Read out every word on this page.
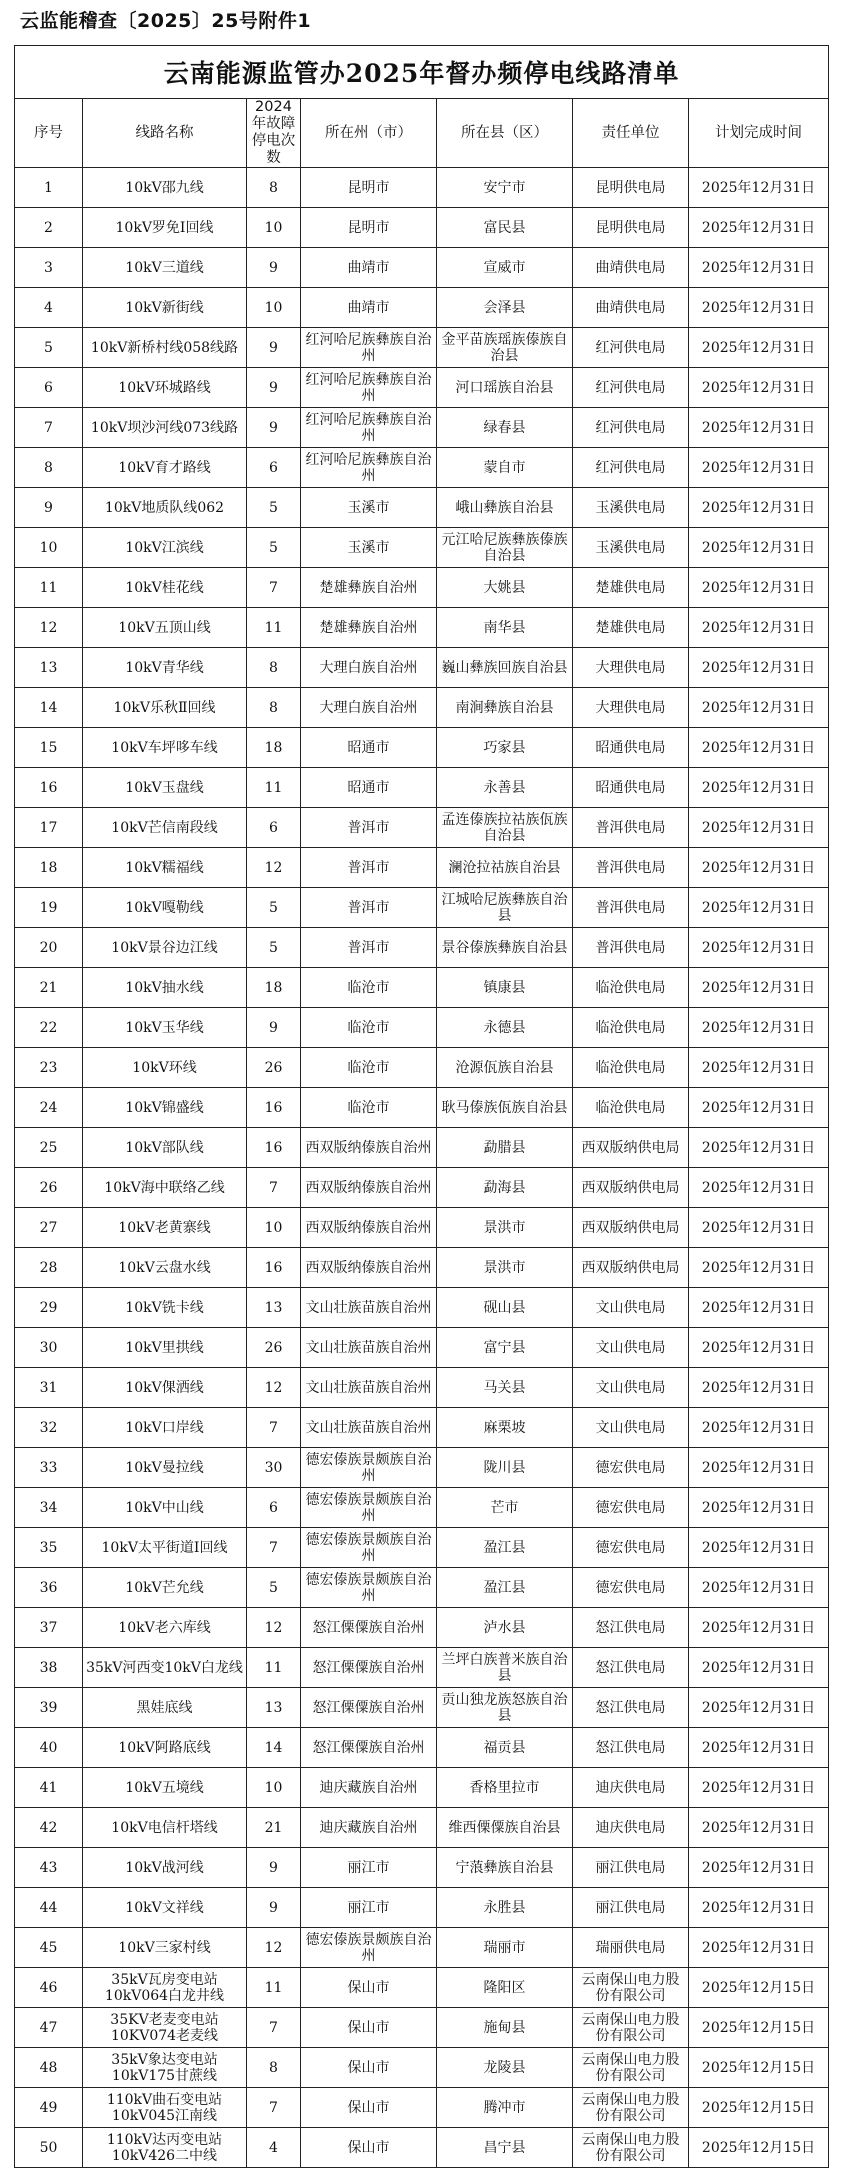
云监能稽查〔2025〕25号附件1
云南能源监管办2025年督办频停电线路清单						
序号	线路名称	2024年故障停电次数	所在州（市）	所在县（区）	责任单位	计划完成时间
1	10kV邵九线	8	昆明市	安宁市	昆明供电局	2025年12月31日
2	10kV罗免Ⅰ回线	10	昆明市	富民县	昆明供电局	2025年12月31日
3	10kV三道线	9	曲靖市	宣威市	曲靖供电局	2025年12月31日
4	10kV新街线	10	曲靖市	会泽县	曲靖供电局	2025年12月31日
5	10kV新桥村线058线路	9	红河哈尼族彝族自治州	金平苗族瑶族傣族自治县	红河供电局	2025年12月31日
6	10kV环城路线	9	红河哈尼族彝族自治州	河口瑶族自治县	红河供电局	2025年12月31日
7	10kV坝沙河线073线路	9	红河哈尼族彝族自治州	绿春县	红河供电局	2025年12月31日
8	10kV育才路线	6	红河哈尼族彝族自治州	蒙自市	红河供电局	2025年12月31日
9	10kV地质队线062	5	玉溪市	峨山彝族自治县	玉溪供电局	2025年12月31日
10	10kV江滨线	5	玉溪市	元江哈尼族彝族傣族自治县	玉溪供电局	2025年12月31日
11	10kV桂花线	7	楚雄彝族自治州	大姚县	楚雄供电局	2025年12月31日
12	10kV五顶山线	11	楚雄彝族自治州	南华县	楚雄供电局	2025年12月31日
13	10kV青华线	8	大理白族自治州	巍山彝族回族自治县	大理供电局	2025年12月31日
14	10kV乐秋Ⅱ回线	8	大理白族自治州	南涧彝族自治县	大理供电局	2025年12月31日
15	10kV车坪哆车线	18	昭通市	巧家县	昭通供电局	2025年12月31日
16	10kV玉盘线	11	昭通市	永善县	昭通供电局	2025年12月31日
17	10kV芒信南段线	6	普洱市	孟连傣族拉祜族佤族自治县	普洱供电局	2025年12月31日
18	10kV糯福线	12	普洱市	澜沧拉祜族自治县	普洱供电局	2025年12月31日
19	10kV嘎勒线	5	普洱市	江城哈尼族彝族自治县	普洱供电局	2025年12月31日
20	10kV景谷边江线	5	普洱市	景谷傣族彝族自治县	普洱供电局	2025年12月31日
21	10kV抽水线	18	临沧市	镇康县	临沧供电局	2025年12月31日
22	10kV玉华线	9	临沧市	永德县	临沧供电局	2025年12月31日
23	10kV环线	26	临沧市	沧源佤族自治县	临沧供电局	2025年12月31日
24	10kV锦盛线	16	临沧市	耿马傣族佤族自治县	临沧供电局	2025年12月31日
25	10kV部队线	16	西双版纳傣族自治州	勐腊县	西双版纳供电局	2025年12月31日
26	10kV海中联络乙线	7	西双版纳傣族自治州	勐海县	西双版纳供电局	2025年12月31日
27	10kV老黄寨线	10	西双版纳傣族自治州	景洪市	西双版纳供电局	2025年12月31日
28	10kV云盘水线	16	西双版纳傣族自治州	景洪市	西双版纳供电局	2025年12月31日
29	10kV铣卡线	13	文山壮族苗族自治州	砚山县	文山供电局	2025年12月31日
30	10kV里拱线	26	文山壮族苗族自治州	富宁县	文山供电局	2025年12月31日
31	10kV倮洒线	12	文山壮族苗族自治州	马关县	文山供电局	2025年12月31日
32	10kV口岸线	7	文山壮族苗族自治州	麻栗坡	文山供电局	2025年12月31日
33	10kV曼拉线	30	德宏傣族景颇族自治州	陇川县	德宏供电局	2025年12月31日
34	10kV中山线	6	德宏傣族景颇族自治州	芒市	德宏供电局	2025年12月31日
35	10kV太平街道Ⅰ回线	7	德宏傣族景颇族自治州	盈江县	德宏供电局	2025年12月31日
36	10kV芒允线	5	德宏傣族景颇族自治州	盈江县	德宏供电局	2025年12月31日
37	10kV老六库线	12	怒江傈僳族自治州	泸水县	怒江供电局	2025年12月31日
38	35kV河西变10kV白龙线	11	怒江傈僳族自治州	兰坪白族普米族自治县	怒江供电局	2025年12月31日
39	黑娃底线	13	怒江傈僳族自治州	贡山独龙族怒族自治县	怒江供电局	2025年12月31日
40	10kV阿路底线	14	怒江傈僳族自治州	福贡县	怒江供电局	2025年12月31日
41	10kV五境线	10	迪庆藏族自治州	香格里拉市	迪庆供电局	2025年12月31日
42	10kV电信杆塔线	21	迪庆藏族自治州	维西傈僳族自治县	迪庆供电局	2025年12月31日
43	10kV战河线	9	丽江市	宁蒗彝族自治县	丽江供电局	2025年12月31日
44	10kV文祥线	9	丽江市	永胜县	丽江供电局	2025年12月31日
45	10kV三家村线	12	德宏傣族景颇族自治州	瑞丽市	瑞丽供电局	2025年12月31日
46	35kV瓦房变电站10kV064白龙井线	11	保山市	隆阳区	云南保山电力股份有限公司	2025年12月15日
47	35KV老麦变电站10KV074老麦线	7	保山市	施甸县	云南保山电力股份有限公司	2025年12月15日
48	35kV象达变电站10kV175甘蔗线	8	保山市	龙陵县	云南保山电力股份有限公司	2025年12月15日
49	110kV曲石变电站10kV045江南线	7	保山市	腾冲市	云南保山电力股份有限公司	2025年12月15日
50	110kV达丙变电站10kV426二中线	4	保山市	昌宁县	云南保山电力股份有限公司	2025年12月15日
